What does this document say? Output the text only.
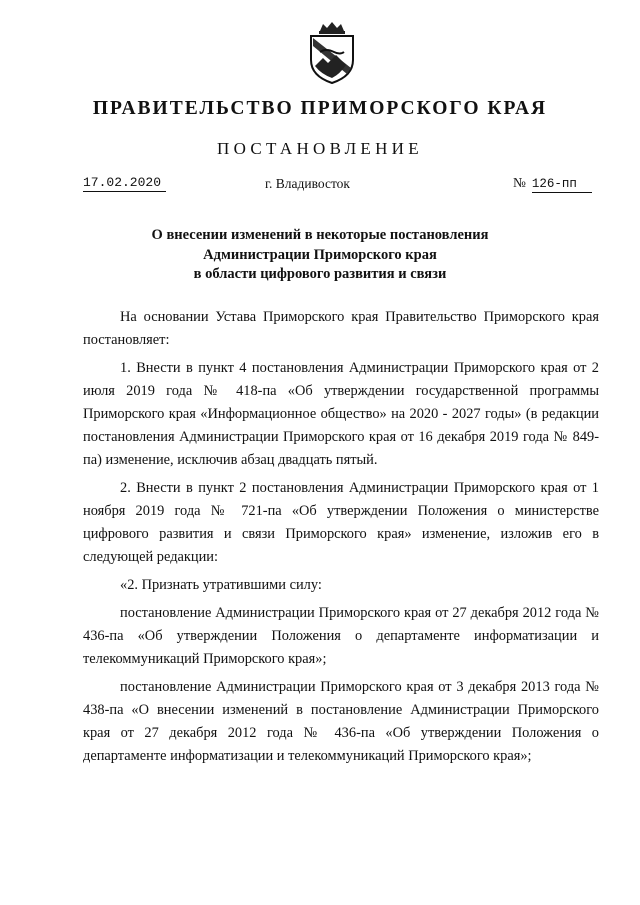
ПРАВИТЕЛЬСТВО ПРИМОРСКОГО КРАЯ
ПОСТАНОВЛЕНИЕ
17.02.2020	г. Владивосток	№ 126-пп
О внесении изменений в некоторые постановления
Администрации Приморского края
в области цифрового развития и связи

На основании Устава Приморского края Правительство Приморского края постановляет:

1. Внести в пункт 4 постановления Администрации Приморского края от 2 июля 2019 года № 418-па «Об утверждении государственной программы Приморского края «Информационное общество» на 2020 - 2027 годы» (в редакции постановления Администрации Приморского края от 16 декабря 2019 года № 849-па) изменение, исключив абзац двадцать пятый.

2. Внести в пункт 2 постановления Администрации Приморского края от 1 ноября 2019 года № 721-па «Об утверждении Положения о министерстве цифрового развития и связи Приморского края» изменение, изложив его в следующей редакции:

«2. Признать утратившими силу:

постановление Администрации Приморского края от 27 декабря 2012 года № 436-па «Об утверждении Положения о департаменте информатизации и телекоммуникаций Приморского края»;

постановление Администрации Приморского края от 3 декабря 2013 года № 438-па «О внесении изменений в постановление Администрации Приморского края от 27 декабря 2012 года № 436-па «Об утверждении Положения о департаменте информатизации и телекоммуникаций Приморского края»;
